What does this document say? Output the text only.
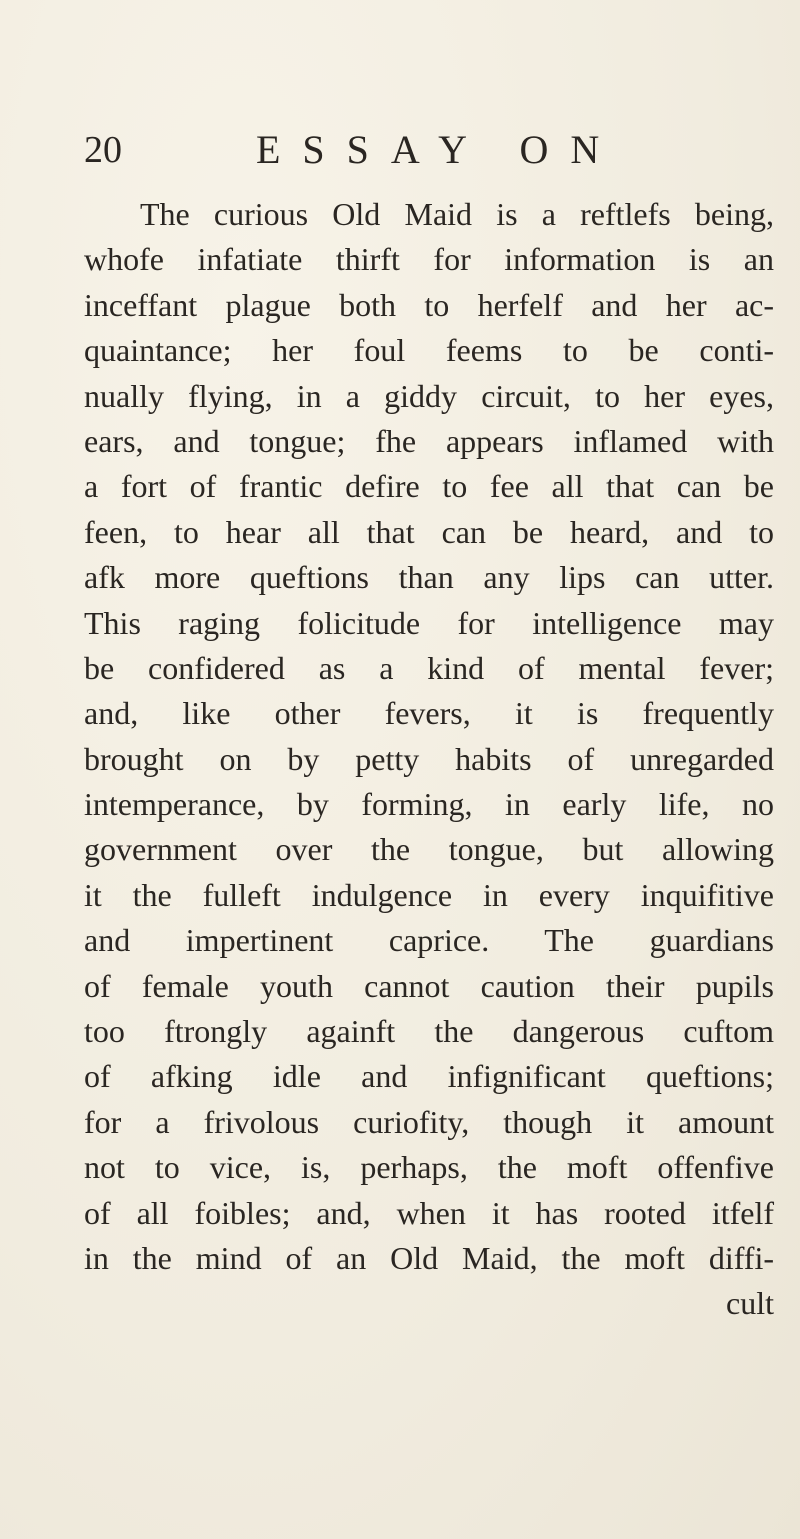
20	ESSAY ON
The curious Old Maid is a reftlefs being,
whofe infatiate thirft for information is an
inceffant plague both to herfelf and her ac-
quaintance; her foul feems to be conti-
nually flying, in a giddy circuit, to her eyes,
ears, and tongue; fhe appears inflamed with
a fort of frantic defire to fee all that can be
feen, to hear all that can be heard, and to
afk more queftions than any lips can utter.
This raging folicitude for intelligence may
be confidered as a kind of mental fever;
and, like other fevers, it is frequently
brought on by petty habits of unregarded
intemperance, by forming, in early life, no
government over the tongue, but allowing
it the fulleft indulgence in every inquifitive
and impertinent caprice. The guardians
of female youth cannot caution their pupils
too ftrongly againft the dangerous cuftom
of afking idle and infignificant queftions;
for a frivolous curiofity, though it amount
not to vice, is, perhaps, the moft offenfive
of all foibles; and, when it has rooted itfelf
in the mind of an Old Maid, the moft diffi-
cult
